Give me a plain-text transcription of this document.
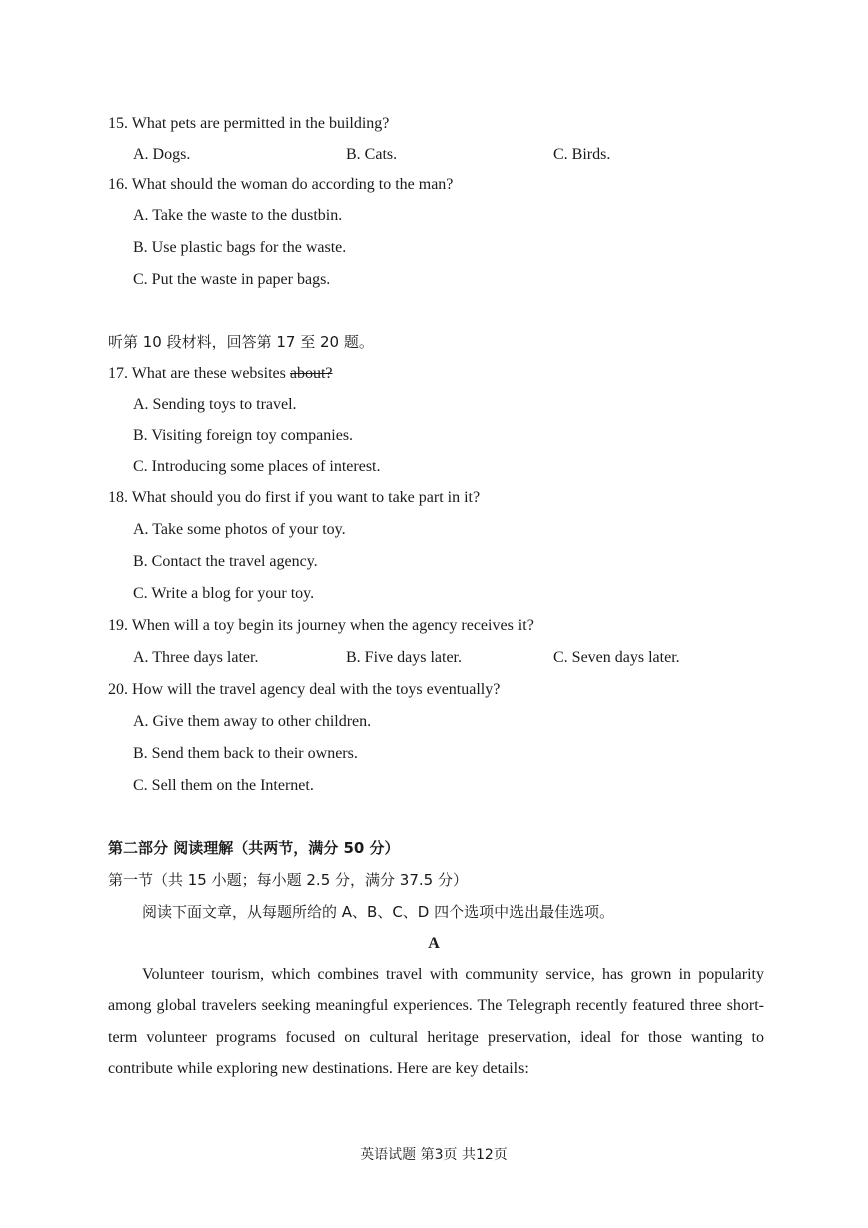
15. What pets are permitted in the building?
A. Dogs.	B. Cats.	C. Birds.
16. What should the woman do according to the man?
A. Take the waste to the dustbin.
B. Use plastic bags for the waste.
C. Put the waste in paper bags.
听第 10 段材料，回答第 17 至 20 题。
17. What are these websites about?
A. Sending toys to travel.
B. Visiting foreign toy companies.
C. Introducing some places of interest.
18. What should you do first if you want to take part in it?
A. Take some photos of your toy.
B. Contact the travel agency.
C. Write a blog for your toy.
19. When will a toy begin its journey when the agency receives it?
A. Three days later.	B. Five days later.	C. Seven days later.
20. How will the travel agency deal with the toys eventually?
A. Give them away to other children.
B. Send them back to their owners.
C. Sell them on the Internet.
第二部分 阅读理解（共两节，满分 50 分）
第一节（共 15 小题；每小题 2.5 分，满分 37.5 分）
阅读下面文章，从每题所给的 A、B、C、D 四个选项中选出最佳选项。
A
Volunteer tourism, which combines travel with community service, has grown in popularity among global travelers seeking meaningful experiences. The Telegraph recently featured three short-term volunteer programs focused on cultural heritage preservation, ideal for those wanting to contribute while exploring new destinations. Here are key details:
英语试题 第3页 共12页
